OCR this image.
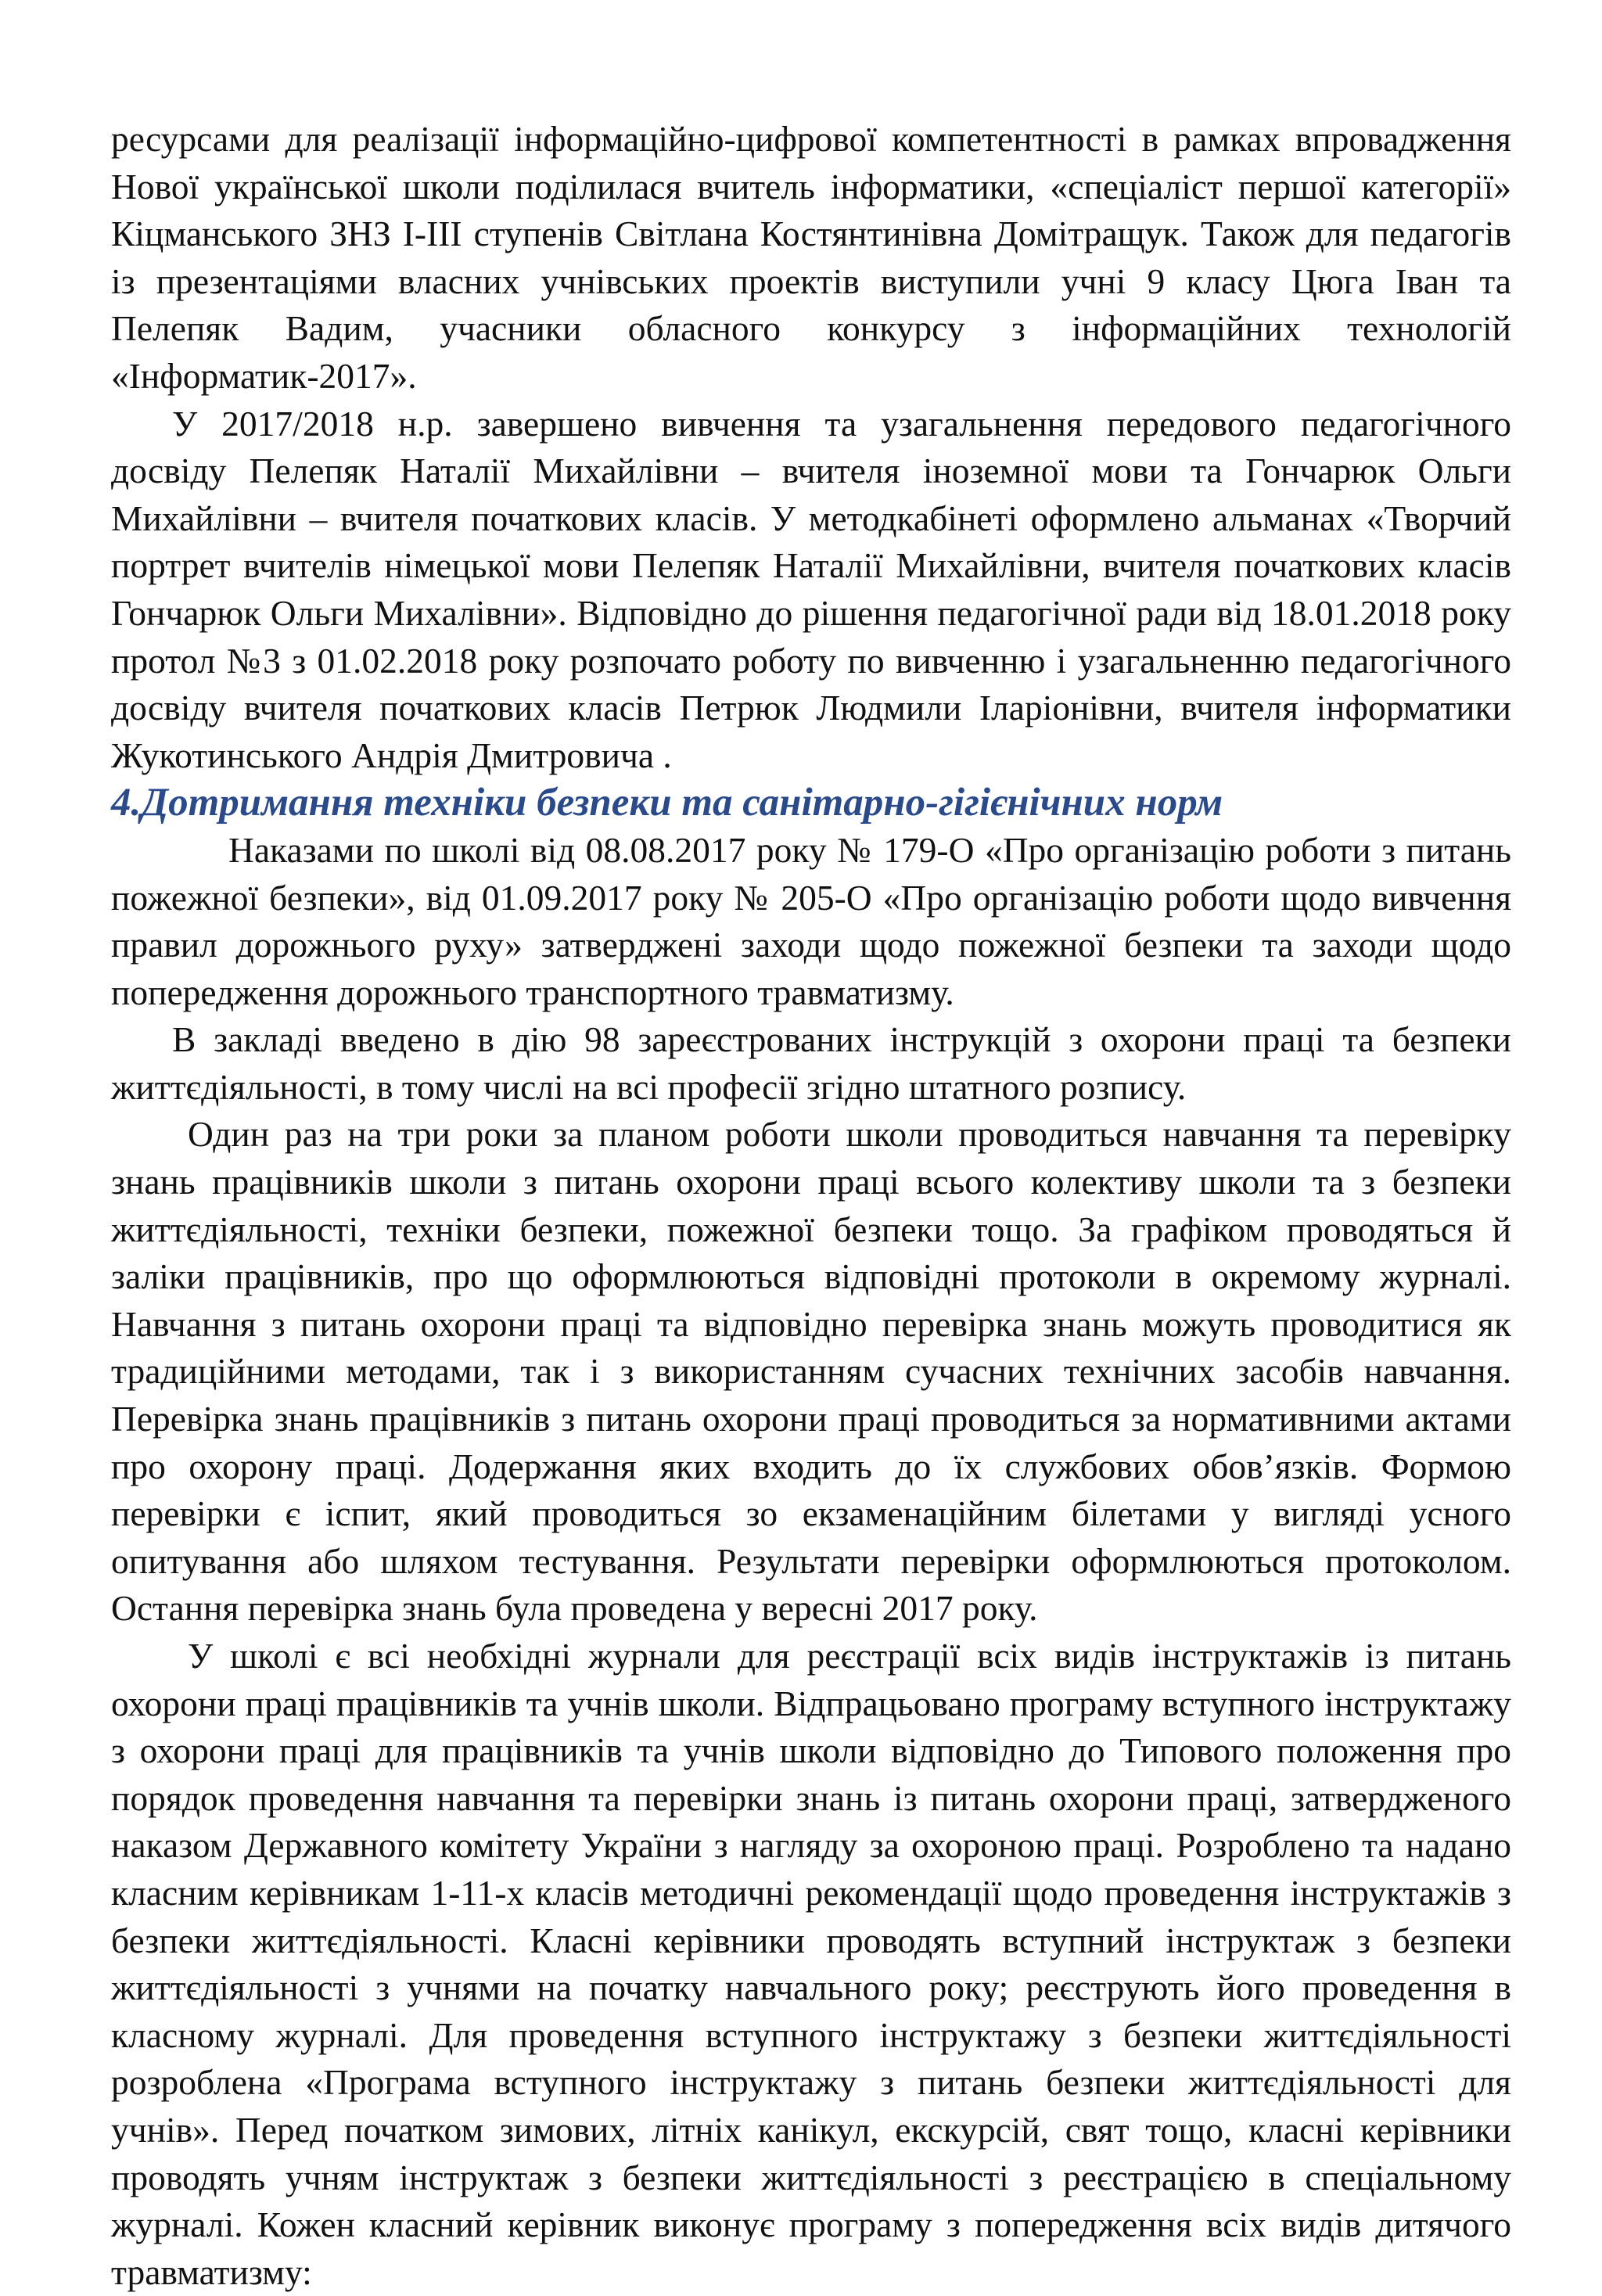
ресурсами для реалізації інформаційно-цифрової компетентності в рамках впровадження Нової української школи поділилася вчитель інформатики, «спеціаліст першої категорії» Кіцманського ЗНЗ І-ІІІ ступенів Світлана Костянтинівна Домітращук. Також для педагогів із презентаціями власних учнівських проектів виступили учні 9 класу Цюга Іван та Пелепяк Вадим, учасники обласного конкурсу з інформаційних технологій «Інформатик-2017».

У 2017/2018 н.р. завершено вивчення та узагальнення передового педагогічного досвіду Пелепяк Наталії Михайлівни – вчителя іноземної мови та Гончарюк Ольги Михайлівни – вчителя початкових класів. У методкабінеті оформлено альманах «Творчий портрет вчителів німецької мови Пелепяк Наталії Михайлівни, вчителя початкових класів Гончарюк Ольги Михалівни». Відповідно до рішення педагогічної ради від 18.01.2018 року протол №3 з 01.02.2018 року розпочато роботу по вивченню і узагальненню педагогічного досвіду вчителя початкових класів Петрюк Людмили Іларіонівни, вчителя інформатики Жукотинського Андрія Дмитровича .

4.Дотримання техніки безпеки та санітарно-гігієнічних норм

Наказами по школі від 08.08.2017 року № 179-О «Про організацію роботи з питань пожежної безпеки», від 01.09.2017 року № 205-О «Про організацію роботи щодо вивчення правил дорожнього руху» затверджені заходи щодо пожежної безпеки та заходи щодо попередження дорожнього транспортного травматизму.

В закладі введено в дію 98 зареєстрованих інструкцій з охорони праці та безпеки життєдіяльності, в тому числі на всі професії згідно штатного розпису.

Один раз на три роки за планом роботи школи проводиться навчання та перевірку знань працівників школи з питань охорони праці всього колективу школи та з безпеки життєдіяльності, техніки безпеки, пожежної безпеки тощо. За графіком проводяться й заліки працівників, про що оформлюються відповідні протоколи в окремому журналі. Навчання з питань охорони праці та відповідно перевірка знань можуть проводитися як традиційними методами, так і з використанням сучасних технічних засобів навчання. Перевірка знань працівників з питань охорони праці проводиться за нормативними актами про охорону праці. Додержання яких входить до їх службових обов’язків. Формою перевірки є іспит, який проводиться зо екзаменаційним білетами у вигляді усного опитування або шляхом тестування. Результати перевірки оформлюються протоколом. Остання перевірка знань була проведена у вересні 2017 року.

У школі є всі необхідні журнали для реєстрації всіх видів інструктажів із питань охорони праці працівників та учнів школи. Відпрацьовано програму вступного інструктажу з охорони праці для працівників та учнів школи відповідно до Типового положення про порядок проведення навчання та перевірки знань із питань охорони праці, затвердженого наказом Державного комітету України з нагляду за охороною праці. Розроблено та надано класним керівникам 1-11-х класів методичні рекомендації щодо проведення інструктажів з безпеки життєдіяльності. Класні керівники проводять вступний інструктаж з безпеки життєдіяльності з учнями на початку навчального року; реєструють його проведення в класному журналі. Для проведення вступного інструктажу з безпеки життєдіяльності розроблена «Програма вступного інструктажу з питань безпеки життєдіяльності для учнів». Перед початком зимових, літніх канікул, екскурсій, свят тощо, класні керівники проводять учням інструктаж з безпеки життєдіяльності з реєстрацією в спеціальному журналі. Кожен класний керівник виконує програму з попередження всіх видів дитячого травматизму:
